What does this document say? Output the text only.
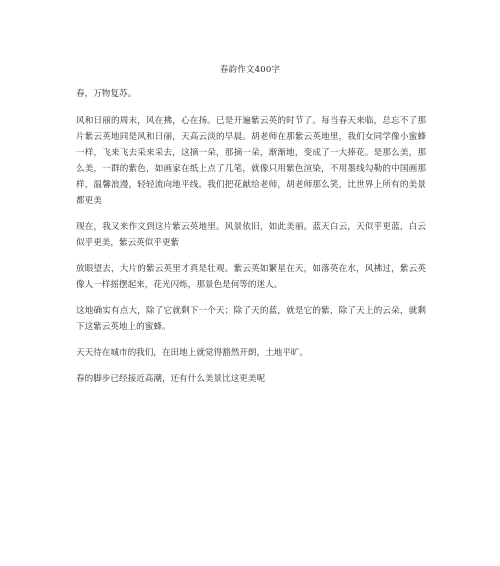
春韵作文400字

春，万物复苏。

风和日丽的周末，风在拂，心在扬。已是开遍紫云英的时节了。每当春天来临，总忘不了那片紫云英地同是风和日丽，天高云淡的早晨。胡老师在那紫云英地里，我们女同学像小蜜蜂一样，飞来飞去采来采去，这摘一朵，那摘一朵，渐渐地，变成了一大捧花。是那么美，那么美，一群的紫色，如画家在纸上点了几笔，就像只用紫色渲染，不用墨线勾勒的中国画那样，温馨浪漫，轻轻流向地平线。我们把花献给老师，胡老师那么笑，比世界上所有的美景都更美

现在，我又来作文到这片紫云英地里。风景依旧，如此美丽。蓝天白云，天似乎更蓝，白云似乎更美，紫云英似乎更紫

放眼望去，大片的紫云英里才真是壮观。紫云英如繁星在天，如落英在水，风拂过，紫云英像人一样摇摆起来，花光闪烁，那景色是何等的迷人。

这地确实有点大，除了它就剩下一个天；除了天的蓝，就是它的紫，除了天上的云朵，就剩下这紫云英地上的蜜蜂。

天天待在城市的我们，在田地上就觉得豁然开朗，土地平旷。

春的脚步已经接近高潮，还有什么美景比这更美呢
